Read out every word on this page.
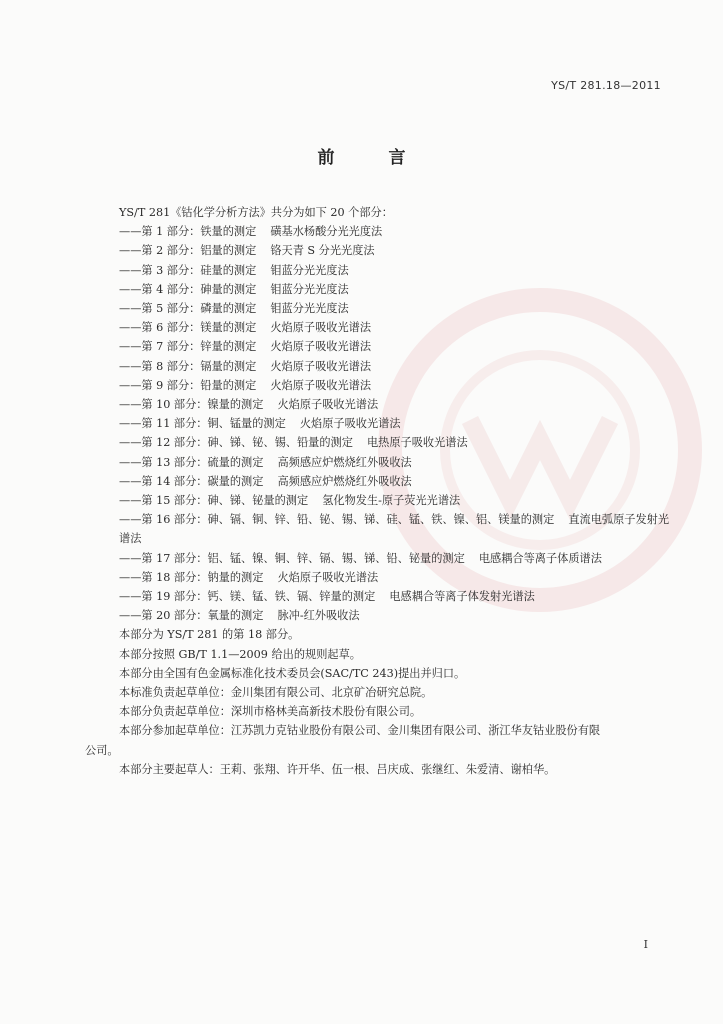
YS/T 281.18—2011
前 言
YS/T 281《钴化学分析方法》共分为如下 20 个部分：
——第 1 部分：铁量的测定 磺基水杨酸分光光度法
——第 2 部分：铝量的测定 铬天青 S 分光光度法
——第 3 部分：硅量的测定 钼蓝分光光度法
——第 4 部分：砷量的测定 钼蓝分光光度法
——第 5 部分：磷量的测定 钼蓝分光光度法
——第 6 部分：镁量的测定 火焰原子吸收光谱法
——第 7 部分：锌量的测定 火焰原子吸收光谱法
——第 8 部分：镉量的测定 火焰原子吸收光谱法
——第 9 部分：铅量的测定 火焰原子吸收光谱法
——第 10 部分：镍量的测定 火焰原子吸收光谱法
——第 11 部分：铜、锰量的测定 火焰原子吸收光谱法
——第 12 部分：砷、锑、铋、锡、铅量的测定 电热原子吸收光谱法
——第 13 部分：硫量的测定 高频感应炉燃烧红外吸收法
——第 14 部分：碳量的测定 高频感应炉燃烧红外吸收法
——第 15 部分：砷、锑、铋量的测定 氢化物发生-原子荧光光谱法
——第 16 部分：砷、镉、铜、锌、铅、铋、锡、锑、硅、锰、铁、镍、铝、镁量的测定 直流电弧原子发射光
谱法
——第 17 部分：铝、锰、镍、铜、锌、镉、锡、锑、铅、铋量的测定 电感耦合等离子体质谱法
——第 18 部分：钠量的测定 火焰原子吸收光谱法
——第 19 部分：钙、镁、锰、铁、镉、锌量的测定 电感耦合等离子体发射光谱法
——第 20 部分：氧量的测定 脉冲-红外吸收法
本部分为 YS/T 281 的第 18 部分。
本部分按照 GB/T 1.1—2009 给出的规则起草。
本部分由全国有色金属标准化技术委员会(SAC/TC 243)提出并归口。
本标准负责起草单位：金川集团有限公司、北京矿冶研究总院。
本部分负责起草单位：深圳市格林美高新技术股份有限公司。
本部分参加起草单位：江苏凯力克钴业股份有限公司、金川集团有限公司、浙江华友钴业股份有限
公司。
本部分主要起草人：王莉、张翔、许开华、伍一根、吕庆成、张继红、朱爱清、谢柏华。
I
